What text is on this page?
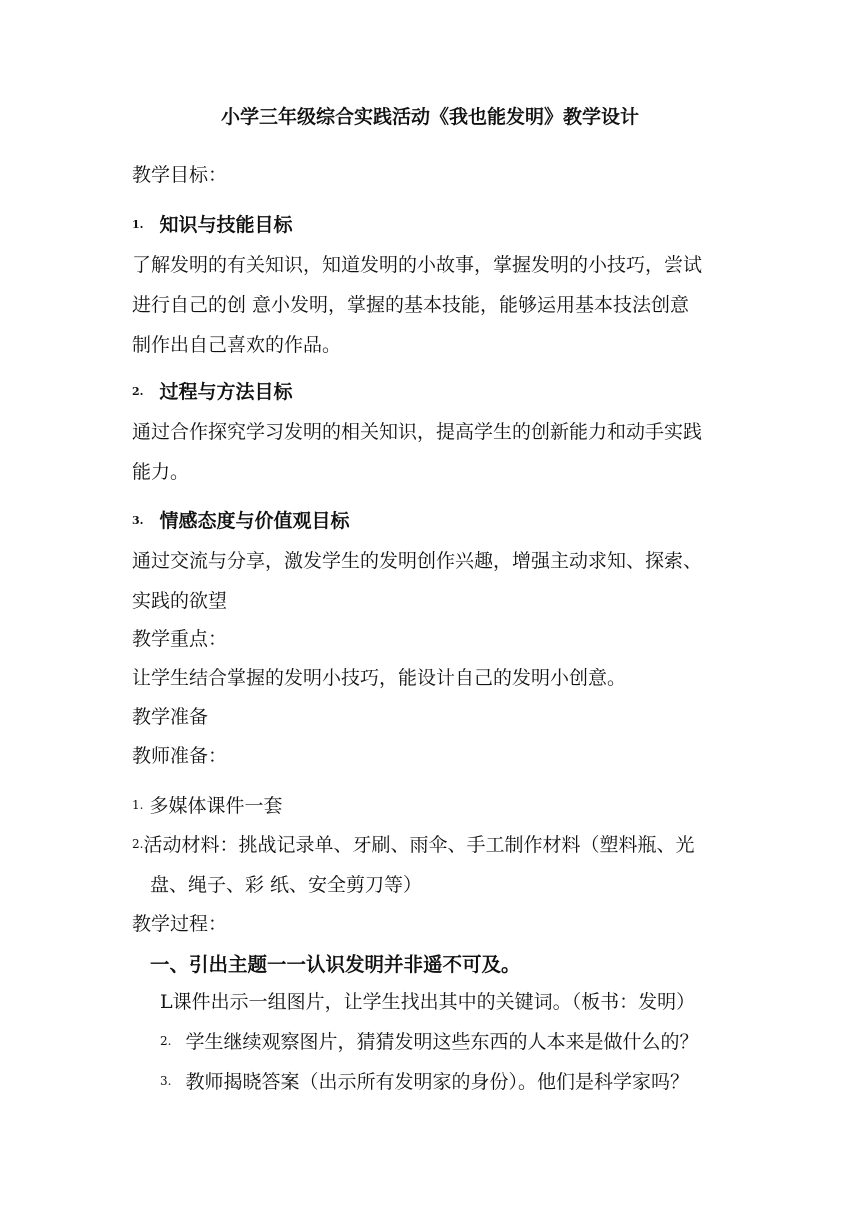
小学三年级综合实践活动《我也能发明》教学设计
教学目标：
1. 知识与技能目标
了解发明的有关知识，知道发明的小故事，掌握发明的小技巧，尝试
进行自己的创 意小发明，掌握的基本技能，能够运用基本技法创意
制作出自己喜欢的作品。
2. 过程与方法目标
通过合作探究学习发明的相关知识，提高学生的创新能力和动手实践
能力。
3. 情感态度与价值观目标
通过交流与分享，激发学生的发明创作兴趣，增强主动求知、探索、
实践的欲望
教学重点：
让学生结合掌握的发明小技巧，能设计自己的发明小创意。
教学准备
教师准备：
1. 多媒体课件一套
2.活动材料：挑战记录单、牙刷、雨伞、手工制作材料（塑料瓶、光
盘、绳子、彩 纸、安全剪刀等）
教学过程：
一、引出主题一一认识发明并非遥不可及。
L课件出示一组图片，让学生找出其中的关键词。（板书：发明）
2. 学生继续观察图片，猜猜发明这些东西的人本来是做什么的？
3. 教师揭晓答案（出示所有发明家的身份）。他们是科学家吗？
